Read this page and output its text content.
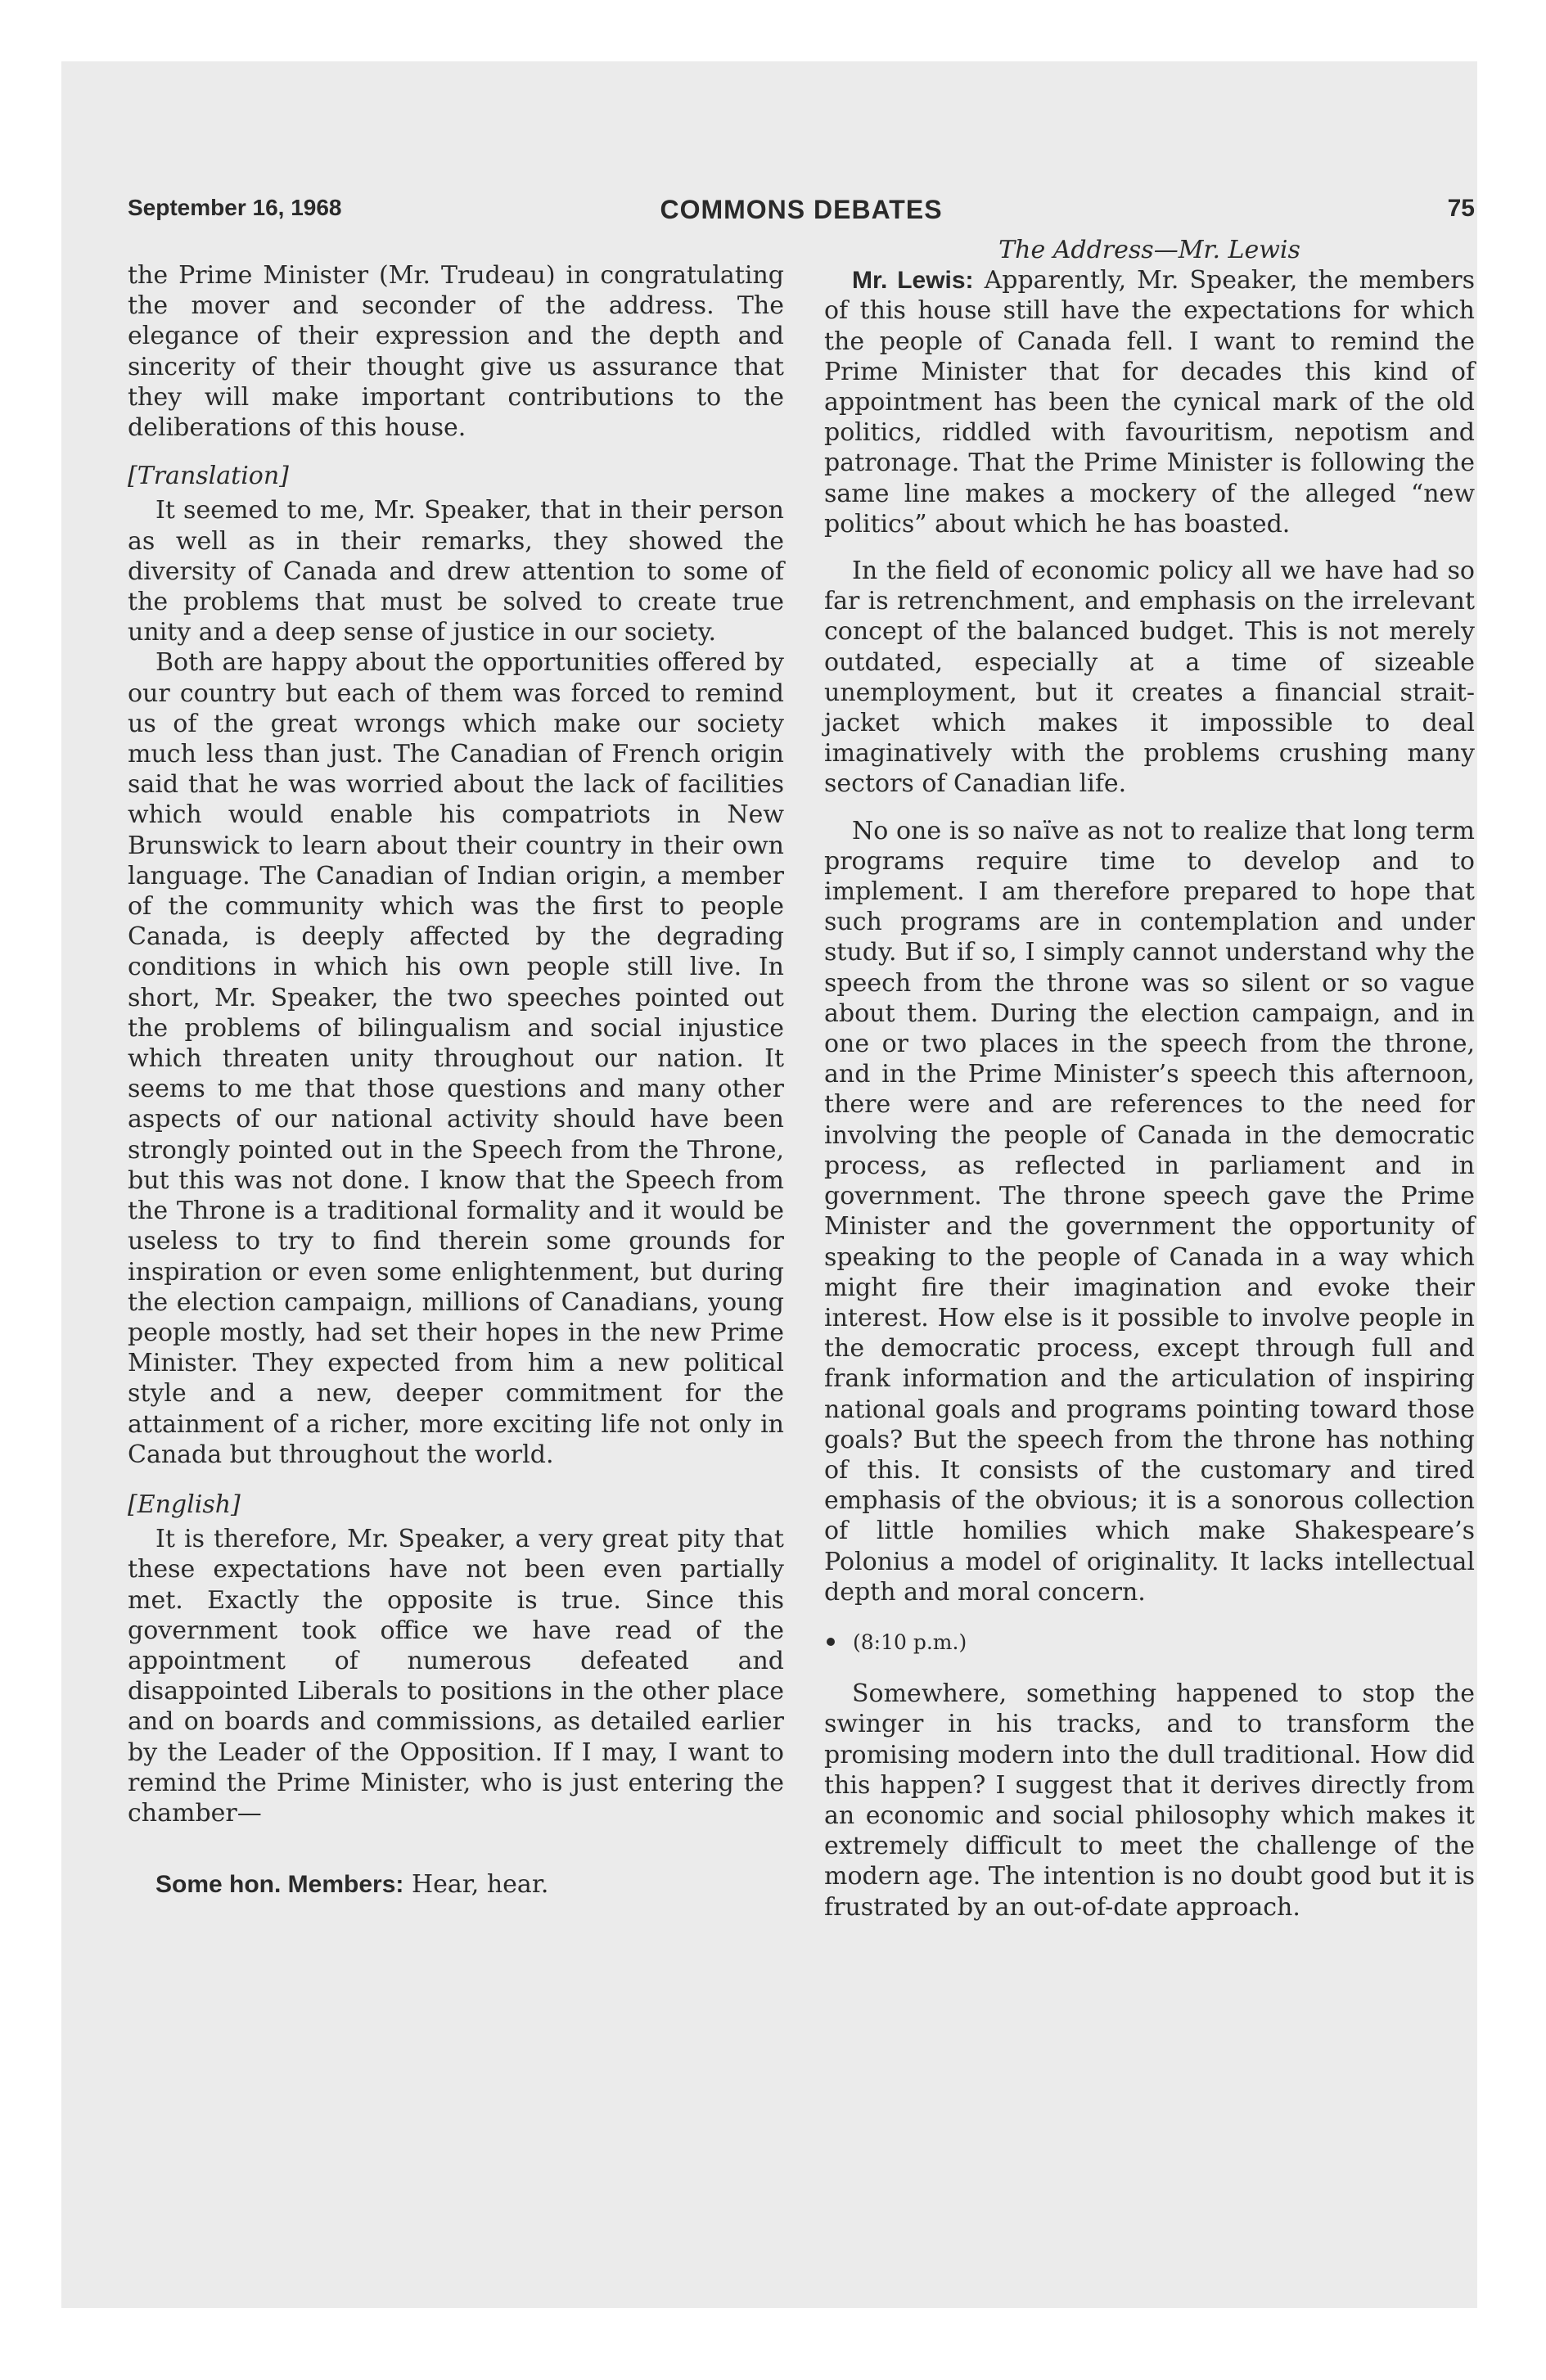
September 16, 1968	COMMONS DEBATES	75

the Prime Minister (Mr. Trudeau) in congratulating the mover and seconder of the address. The elegance of their expression and the depth and sincerity of their thought give us assurance that they will make important contributions to the deliberations of this house.

[Translation]

It seemed to me, Mr. Speaker, that in their person as well as in their remarks, they showed the diversity of Canada and drew attention to some of the problems that must be solved to create true unity and a deep sense of justice in our society.

Both are happy about the opportunities offered by our country but each of them was forced to remind us of the great wrongs which make our society much less than just. The Canadian of French origin said that he was worried about the lack of facilities which would enable his compatriots in New Brunswick to learn about their country in their own language. The Canadian of Indian origin, a member of the community which was the first to people Canada, is deeply affected by the degrading conditions in which his own people still live. In short, Mr. Speaker, the two speeches pointed out the problems of bilingualism and social injustice which threaten unity throughout our nation. It seems to me that those questions and many other aspects of our national activity should have been strongly pointed out in the Speech from the Throne, but this was not done. I know that the Speech from the Throne is a traditional formality and it would be useless to try to find therein some grounds for inspiration or even some enlightenment, but during the election campaign, millions of Canadians, young people mostly, had set their hopes in the new Prime Minister. They expected from him a new political style and a new, deeper commitment for the attainment of a richer, more exciting life not only in Canada but throughout the world.

[English]

It is therefore, Mr. Speaker, a very great pity that these expectations have not been even partially met. Exactly the opposite is true. Since this government took office we have read of the appointment of numerous defeated and disappointed Liberals to positions in the other place and on boards and commissions, as detailed earlier by the Leader of the Opposition. If I may, I want to remind the Prime Minister, who is just entering the chamber—

Some hon. Members: Hear, hear.

The Address—Mr. Lewis

Mr. Lewis: Apparently, Mr. Speaker, the members of this house still have the expectations for which the people of Canada fell. I want to remind the Prime Minister that for decades this kind of appointment has been the cynical mark of the old politics, riddled with favouritism, nepotism and patronage. That the Prime Minister is following the same line makes a mockery of the alleged “new politics” about which he has boasted.

In the field of economic policy all we have had so far is retrenchment, and emphasis on the irrelevant concept of the balanced budget. This is not merely outdated, especially at a time of sizeable unemployment, but it creates a financial strait-jacket which makes it impossible to deal imaginatively with the problems crushing many sectors of Canadian life.

No one is so naïve as not to realize that long term programs require time to develop and to implement. I am therefore prepared to hope that such programs are in contemplation and under study. But if so, I simply cannot understand why the speech from the throne was so silent or so vague about them. During the election campaign, and in one or two places in the speech from the throne, and in the Prime Minister’s speech this afternoon, there were and are references to the need for involving the people of Canada in the democratic process, as reflected in parliament and in government. The throne speech gave the Prime Minister and the government the opportunity of speaking to the people of Canada in a way which might fire their imagination and evoke their interest. How else is it possible to involve people in the democratic process, except through full and frank information and the articulation of inspiring national goals and programs pointing toward those goals? But the speech from the throne has nothing of this. It consists of the customary and tired emphasis of the obvious; it is a sonorous collection of little homilies which make Shakespeare’s Polonius a model of originality. It lacks intellectual depth and moral concern.

(8:10 p.m.)

Somewhere, something happened to stop the swinger in his tracks, and to transform the promising modern into the dull traditional. How did this happen? I suggest that it derives directly from an economic and social philosophy which makes it extremely difficult to meet the challenge of the modern age. The intention is no doubt good but it is frustrated by an out-of-date approach.
